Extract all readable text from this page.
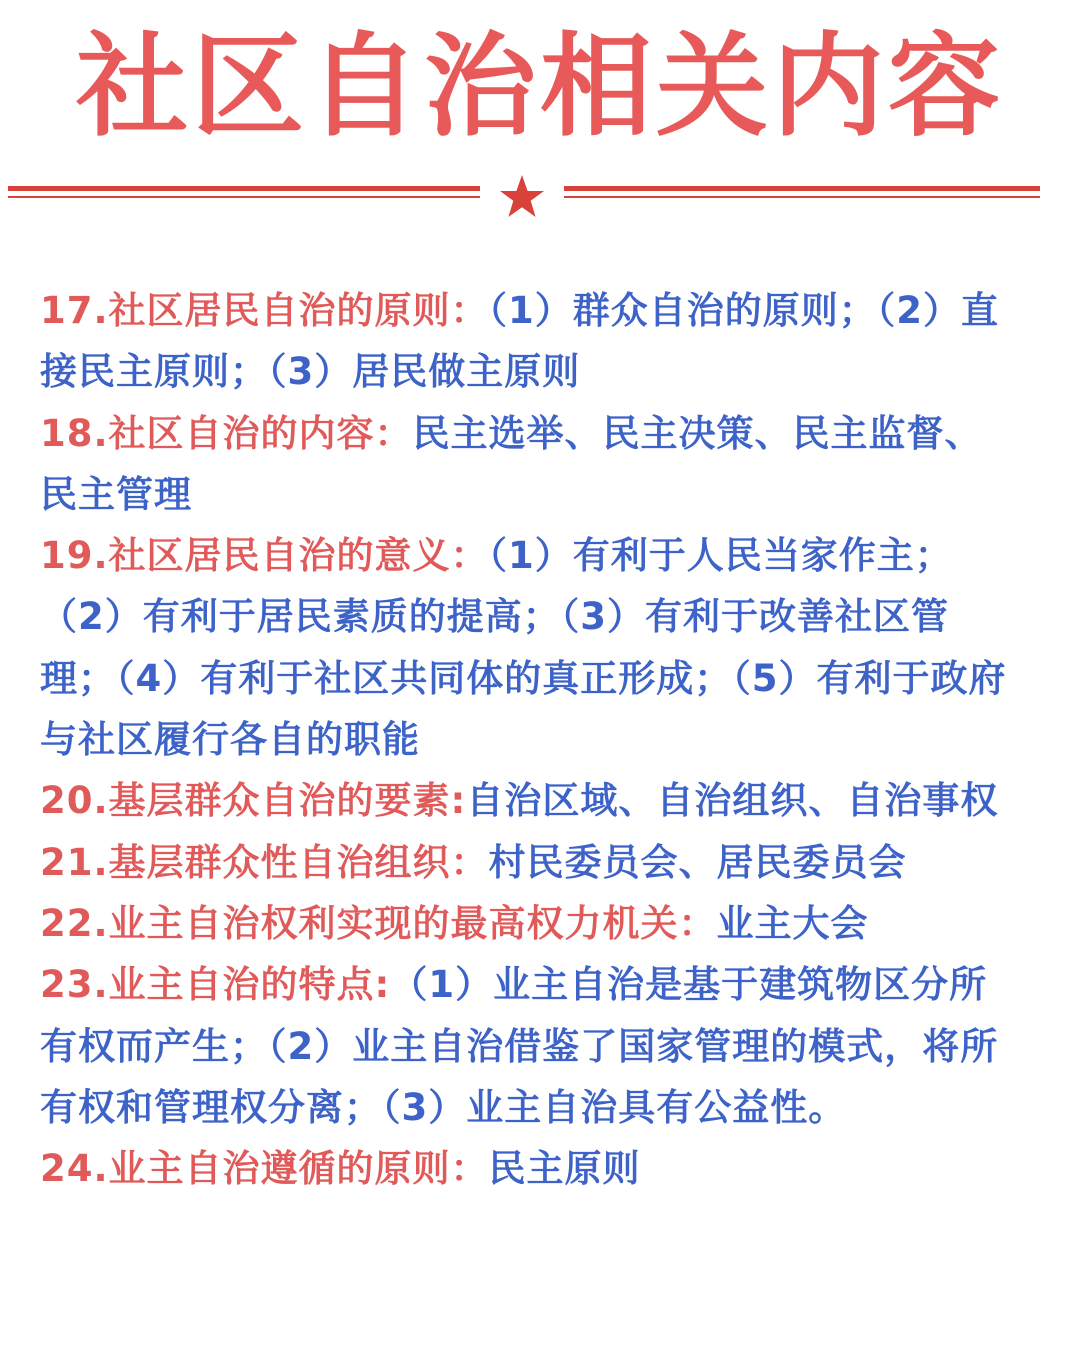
社区自治相关内容

17.社区居民自治的原则：（1）群众自治的原则；（2）直接民主原则；（3）居民做主原则

18.社区自治的内容：民主选举、民主决策、民主监督、民主管理

19.社区居民自治的意义：（1）有利于人民当家作主；（2）有利于居民素质的提高；（3）有利于改善社区管理；（4）有利于社区共同体的真正形成；（5）有利于政府与社区履行各自的职能

20.基层群众自治的要素:自治区域、自治组织、自治事权

21.基层群众性自治组织：村民委员会、居民委员会

22.业主自治权利实现的最高权力机关：业主大会

23.业主自治的特点:（1）业主自治是基于建筑物区分所有权而产生；（2）业主自治借鉴了国家管理的模式，将所有权和管理权分离；（3）业主自治具有公益性。

24.业主自治遵循的原则：民主原则
